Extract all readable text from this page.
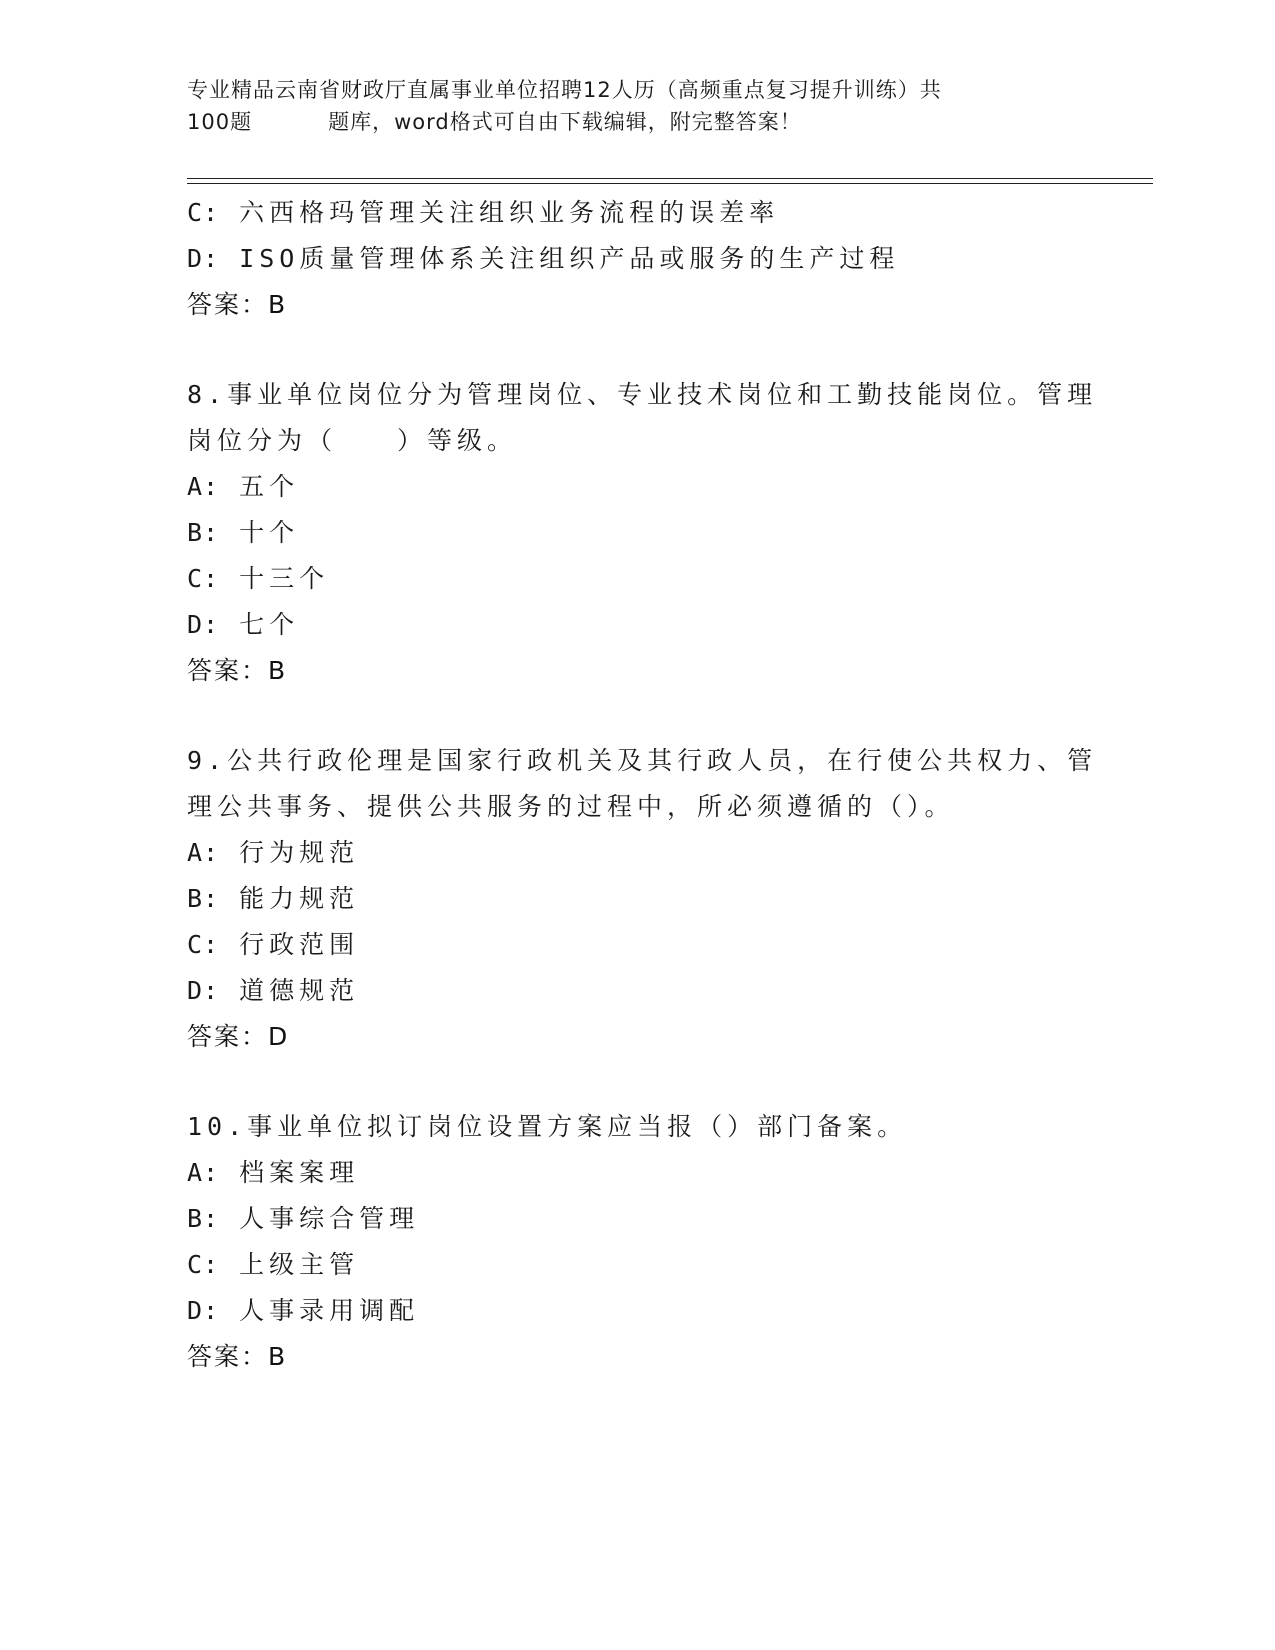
专业精品云南省财政厅直属事业单位招聘12人历（高频重点复习提升训练）共
100题	题库，word格式可自由下载编辑，附完整答案！
C: 六西格玛管理关注组织业务流程的误差率
D: ISO质量管理体系关注组织产品或服务的生产过程
答案：B
8.事业单位岗位分为管理岗位、专业技术岗位和工勤技能岗位。管理
岗位分为（　　）等级。
A: 五个
B: 十个
C: 十三个
D: 七个
答案：B
9.公共行政伦理是国家行政机关及其行政人员，在行使公共权力、管
理公共事务、提供公共服务的过程中，所必须遵循的（）。
A: 行为规范
B: 能力规范
C: 行政范围
D: 道德规范
答案：D
10.事业单位拟订岗位设置方案应当报（）部门备案。
A: 档案案理
B: 人事综合管理
C: 上级主管
D: 人事录用调配
答案：B
